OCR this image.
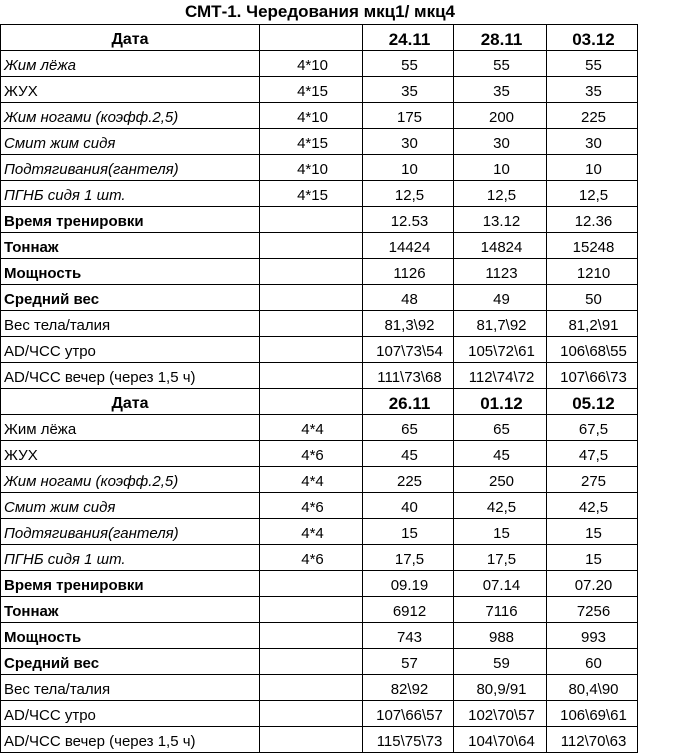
СМТ-1. Чередования мкц1/ мкц4
Дата		24.11	28.11	03.12
Жим лёжа	4*10	55	55	55
ЖУХ	4*15	35	35	35
Жим ногами (коэфф.2,5)	4*10	175	200	225
Смит жим сидя	4*15	30	30	30
Подтягивания(гантеля)	4*10	10	10	10
ПГНБ сидя 1 шт.	4*15	12,5	12,5	12,5
Время тренировки		12.53	13.12	12.36
Тоннаж		14424	14824	15248
Мощность		1126	1123	1210
Средний вес		48	49	50
Вес тела/талия		81,3\92	81,7\92	81,2\91
АD/ЧСС утро		107\73\54	105\72\61	106\68\55
АD/ЧСС вечер (через 1,5 ч)		111\73\68	112\74\72	107\66\73
Дата		26.11	01.12	05.12
Жим лёжа	4*4	65	65	67,5
ЖУХ	4*6	45	45	47,5
Жим ногами (коэфф.2,5)	4*4	225	250	275
Смит жим сидя	4*6	40	42,5	42,5
Подтягивания(гантеля)	4*4	15	15	15
ПГНБ сидя 1 шт.	4*6	17,5	17,5	15
Время тренировки		09.19	07.14	07.20
Тоннаж		6912	7116	7256
Мощность		743	988	993
Средний вес		57	59	60
Вес тела/талия		82\92	80,9/91	80,4\90
АD/ЧСС утро		107\66\57	102\70\57	106\69\61
АD/ЧСС вечер (через 1,5 ч)		115\75\73	104\70\64	112\70\63
